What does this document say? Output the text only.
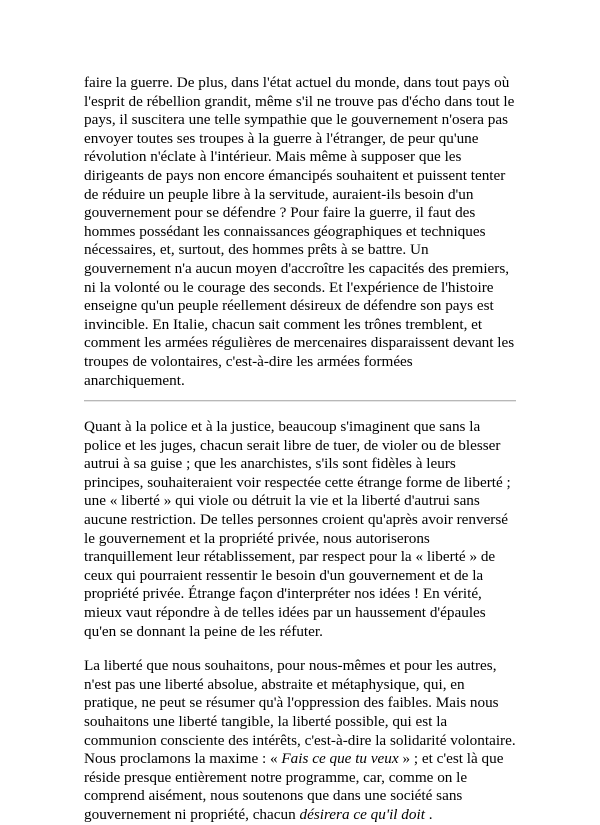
faire la guerre. De plus, dans l'état actuel du monde, dans tout pays où l'esprit de rébellion grandit, même s'il ne trouve pas d'écho dans tout le pays, il suscitera une telle sympathie que le gouvernement n'osera pas envoyer toutes ses troupes à la guerre à l'étranger, de peur qu'une révolution n'éclate à l'intérieur. Mais même à supposer que les dirigeants de pays non encore émancipés souhaitent et puissent tenter de réduire un peuple libre à la servitude, auraient-ils besoin d'un gouvernement pour se défendre ? Pour faire la guerre, il faut des hommes possédant les connaissances géographiques et techniques nécessaires, et, surtout, des hommes prêts à se battre. Un gouvernement n'a aucun moyen d'accroître les capacités des premiers, ni la volonté ou le courage des seconds. Et l'expérience de l'histoire enseigne qu'un peuple réellement désireux de défendre son pays est invincible. En Italie, chacun sait comment les trônes tremblent, et comment les armées régulières de mercenaires disparaissent devant les troupes de volontaires, c'est-à-dire les armées formées anarchiquement.

Quant à la police et à la justice, beaucoup s'imaginent que sans la police et les juges, chacun serait libre de tuer, de violer ou de blesser autrui à sa guise ; que les anarchistes, s'ils sont fidèles à leurs principes, souhaiteraient voir respectée cette étrange forme de liberté ; une « liberté » qui viole ou détruit la vie et la liberté d'autrui sans aucune restriction. De telles personnes croient qu'après avoir renversé le gouvernement et la propriété privée, nous autoriserons tranquillement leur rétablissement, par respect pour la « liberté » de ceux qui pourraient ressentir le besoin d'un gouvernement et de la propriété privée. Étrange façon d'interpréter nos idées ! En vérité, mieux vaut répondre à de telles idées par un haussement d'épaules qu'en se donnant la peine de les réfuter.

La liberté que nous souhaitons, pour nous-mêmes et pour les autres, n'est pas une liberté absolue, abstraite et métaphysique, qui, en pratique, ne peut se résumer qu'à l'oppression des faibles. Mais nous souhaitons une liberté tangible, la liberté possible, qui est la communion consciente des intérêts, c'est-à-dire la solidarité volontaire. Nous proclamons la maxime : « Fais ce que tu veux » ; et c'est là que réside presque entièrement notre programme, car, comme on le comprend aisément, nous soutenons que dans une société sans gouvernement ni propriété, chacun désirera ce qu'il doit .
